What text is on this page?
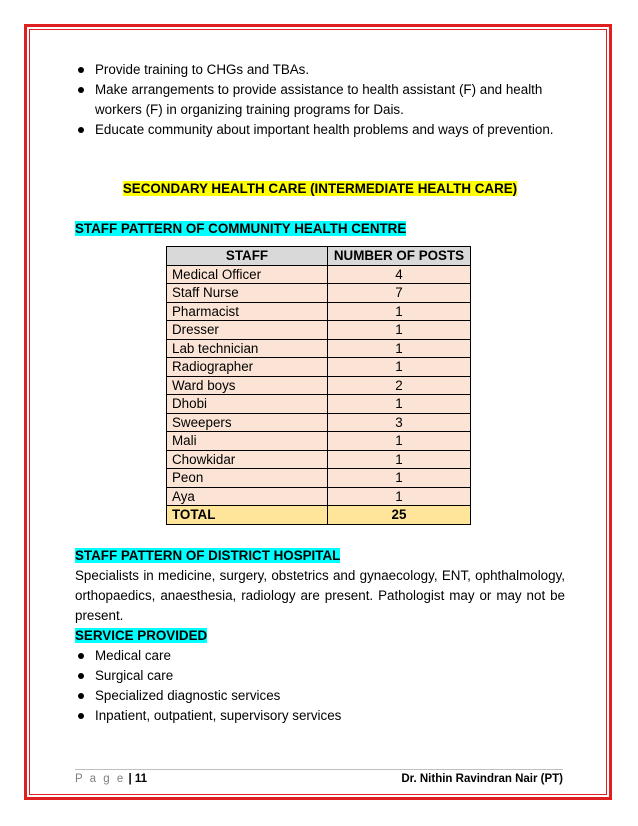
Provide training to CHGs and TBAs.
Make arrangements to provide assistance to health assistant (F) and health workers (F) in organizing training programs for Dais.
Educate community about important health problems and ways of prevention.
SECONDARY HEALTH CARE (INTERMEDIATE HEALTH CARE)
STAFF PATTERN OF COMMUNITY HEALTH CENTRE
STAFF	NUMBER OF POSTS
Medical Officer	4
Staff Nurse	7
Pharmacist	1
Dresser	1
Lab technician	1
Radiographer	1
Ward boys	2
Dhobi	1
Sweepers	3
Mali	1
Chowkidar	1
Peon	1
Aya	1
TOTAL	25
STAFF PATTERN OF DISTRICT HOSPITAL
Specialists in medicine, surgery, obstetrics and gynaecology, ENT, ophthalmology, orthopaedics, anaesthesia, radiology are present. Pathologist may or may not be present.
SERVICE PROVIDED
Medical care
Surgical care
Specialized diagnostic services
Inpatient, outpatient, supervisory services
P a g e | 11	Dr. Nithin Ravindran Nair (PT)
